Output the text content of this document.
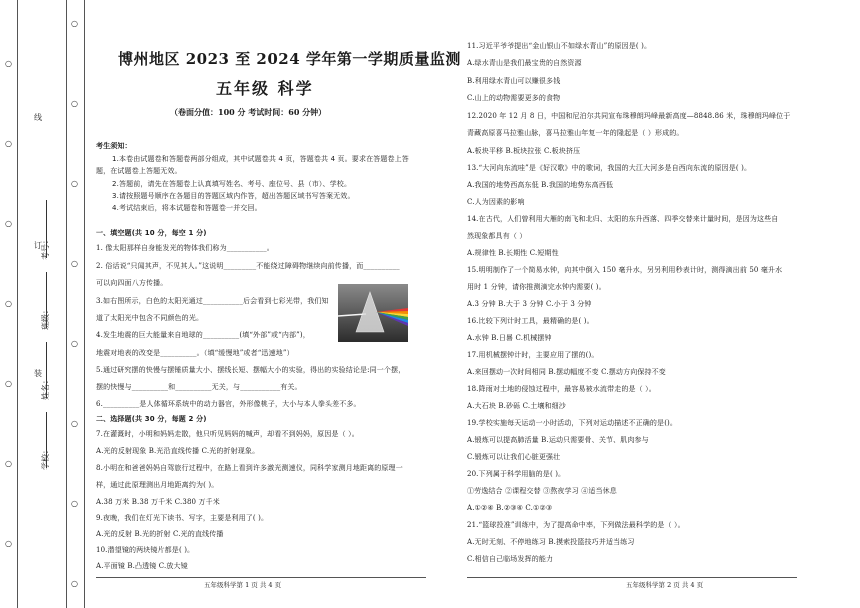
○
○
○
○
○
○
○
○
○
○
○
○
○
○
○
线
订
装
考号：
班级：
姓名：
学校：
博州地区 2023 至 2024 学年第一学期质量监测
五年级 科学
（卷面分值：100 分 考试时间：60 分钟）
考生须知：
1.本卷由试题卷和答题卷两部分组成，其中试题卷共 4 页，答题卷共 4 页。要求在答题卷上答
题，在试题卷上答题无效。
2.答题前，请先在答题卷上认真填写姓名、考号、座位号、县（市）、学校。
3.请按照题号顺序在各题目的答题区域内作答，超出答题区域书写答案无效。
4.考试结束后，将本试题卷和答题卷一并交回。
一、填空题(共 10 分，每空 1 分)
1. 像太阳那样自身能发光的物体我们称为___________。
2. 俗话说“只闻其声，不见其人。”这说明_________不能绕过障碍物继续向前传播，而__________
可以向四面八方传播。
3.如右图所示，白色的太阳光通过___________后会看到七彩光带，我们知
道了太阳光中包含不同颜色的光。
4.发生地震的巨大能量来自地球的__________(填“外部”或“内部”)，
地震对地表的改变是__________。（填“缓慢地”或者“迅速地”）
5.通过研究摆的快慢与摆锤质量大小、摆线长短、摆幅大小的实验，得出的实验结论是:同一个摆，
摆的快慢与__________和__________无关，与___________有关。
6.__________是人体循环系统中的动力器官，外形像桃子，大小与本人拳头差不多。
二、选择题(共 30 分，每题 2 分)
7.在灌溉时，小明和妈妈走散，他只听见妈妈的喊声，却看不到妈妈，原因是（ ）。
A.光的反射现象 B.光沿直线传播 C.光的折射现象。
8.小明在和爸爸妈妈自驾旅行过程中，在路上看到许多激光测速仪，同科学家测月地距离的原理一
样，通过此原理测出月地距离约为( )。
A.38 万米 B.38 万千米 C.380 万千米
9.夜晚，我们在灯光下读书、写字，主要是利用了( )。
A.光的反射 B.光的折射 C.光的直线传播
10.潜望镜的两块镜片都是( )。
A.平面镜 B.凸透镜 C.放大镜
11.习近平爷爷提出“金山银山不如绿水青山”的原因是( )。
A.绿水青山是我们最宝贵的自然资源
B.利用绿水青山可以赚很多钱
C.山上的动物需要更多的食物
12.2020 年 12 月 8 日，中国和尼泊尔共同宣布珠穆朗玛峰最新高度—8848.86 米，珠穆朗玛峰位于
青藏高原喜马拉雅山脉，喜马拉雅山年复一年的隆起是（ ）形成的。
A.板块平移 B.板块拉张 C.板块挤压
13.“大河向东流哇”是《好汉歌》中的歌词，我国的大江大河多是自西向东流的原因是( )。
A.我国的地势西高东低 B.我国的地势东高西低
C.人为因素的影响
14.在古代，人们曾利用大雁的南飞和北归、太阳的东升西落、四季交替来计量时间，是因为这些自
然现象都具有（ ）
A.规律性 B.长期性 C.短期性
15.明明制作了一个简易水钟，向其中倒入 150 毫升水，另另利用秒表计时，测得滴出前 50 毫升水
用时 1 分钟，请你推测滴完水钟内需要( )。
A.3 分钟 B.大于 3 分钟 C.小于 3 分钟
16.比较下列计时工具，最精确的是( )。
A.水钟 B.日晷 C.机械摆钟
17.用机械摆钟计时，主要应用了摆的()。
A.来回摆动一次时间相同 B.摆动幅度不变 C.摆动方向保持不变
18.降雨对土地的侵蚀过程中，最容易被水流带走的是（ ）。
A.大石块 B.砂砾 C.土壤和细沙
19.学校实施每天运动一小时活动，下列对运动描述不正确的是()。
A.锻炼可以提高肺活量 B.运动只需要骨、关节、肌肉参与
C.锻炼可以让我们心脏更强壮
20.下列属于科学用脑的是( )。
①劳逸结合 ②课程交替 ③熬夜学习 ④适当休息
A.①②④ B.②③④ C.①②③
21.“篮球投准”训练中，为了提高命中率，下列做法最科学的是（ ）。
A.无时无刻、不停地练习 B.摸索投篮技巧并适当练习
C.相信自己临场发挥的能力
五年级科学第 1 页 共 4 页	五年级科学第 2 页 共 4 页
